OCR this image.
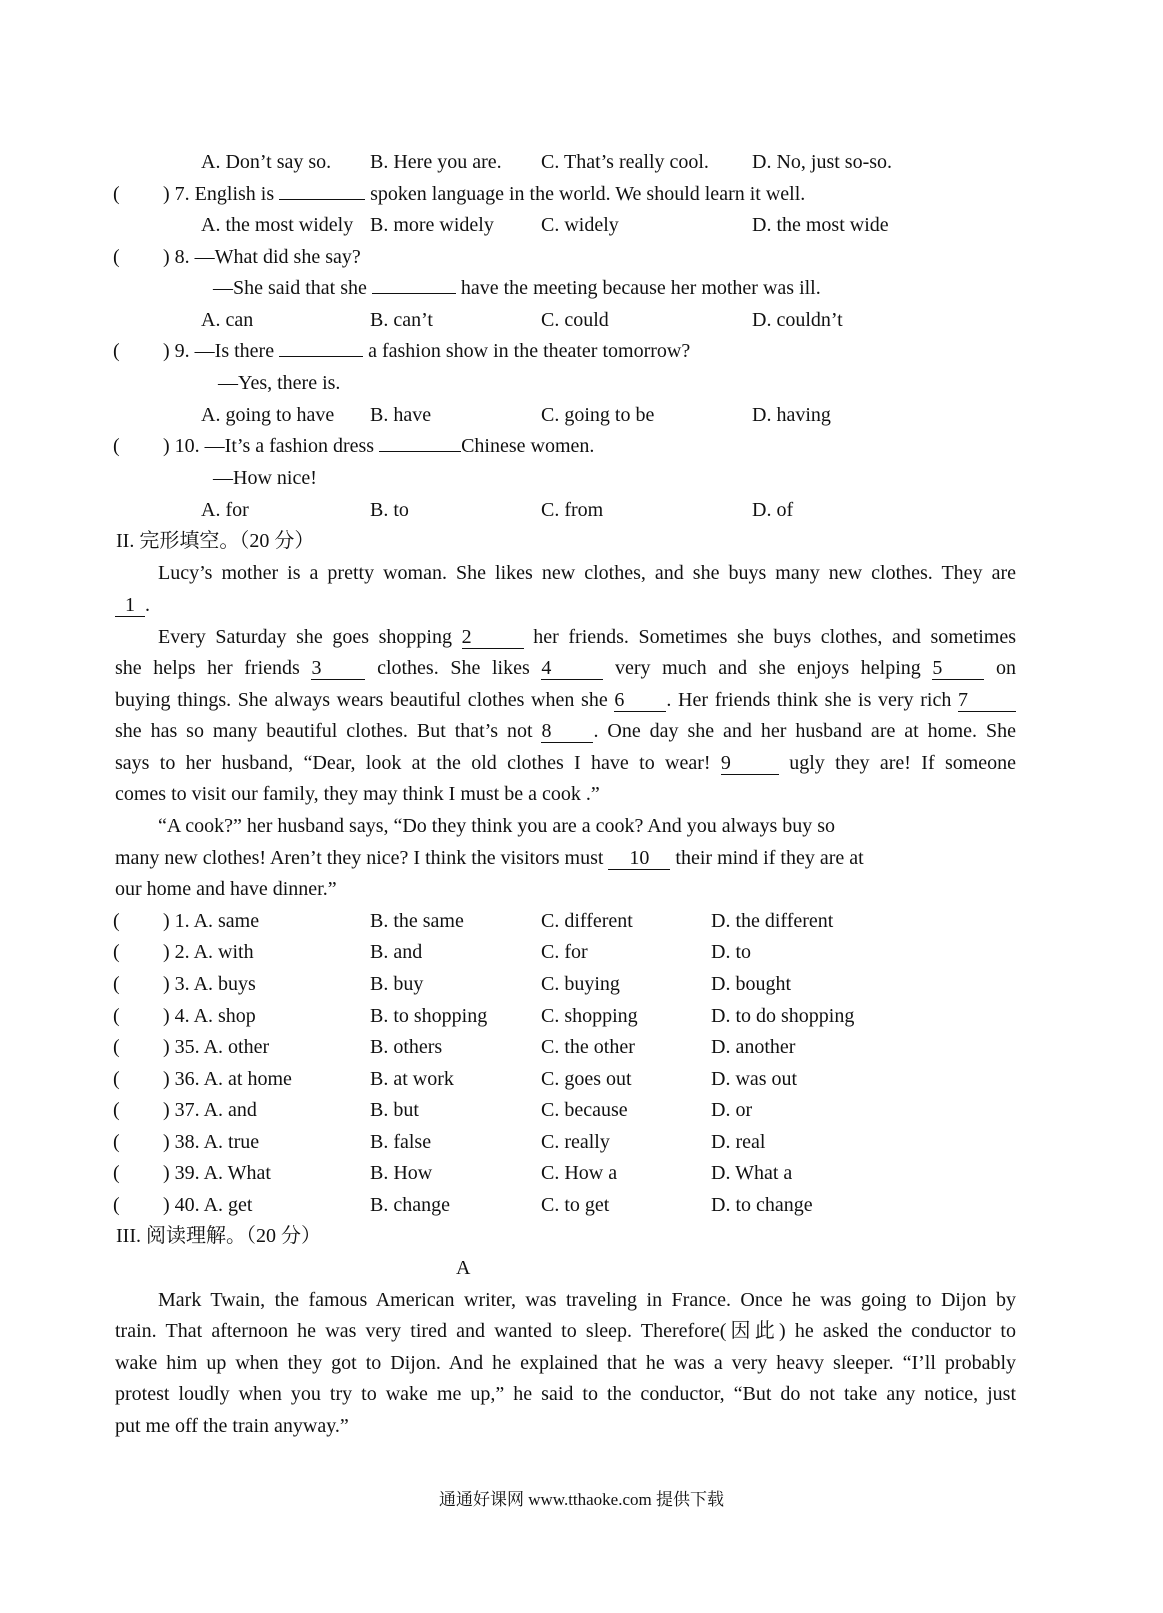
A. Don’t say so. B. Here you are. C. That’s really cool. D. No, just so-so.
( ) 7. English is	spoken language in the world. We should learn it well.
A. the most widely B. more widely C. widely	D. the most wide
( ) 8. —What did she say?
—She said that she	have the meeting because her mother was ill.
A. can	B. can’t	C. could	D. couldn’t
( ) 9. —Is there	a fashion show in the theater tomorrow?
—Yes, there is.
A. going to have B. have	C. going to be	D. having
( ) 10. —It’s a fashion dress	Chinese women.
—How nice!
A. for	B. to	C. from	D. of
II. 完形填空。（20 分）
Lucy’s mother is a pretty woman. She likes new clothes, and she buys many new clothes. They are
1 .
Every Saturday she goes shopping 2	her friends. Sometimes she buys clothes, and sometimes
she helps her friends 3	clothes. She likes 4	very much and she enjoys helping 5	on
buying things. She always wears beautiful clothes when she 6 . Her friends think she is very rich 7
she has so many beautiful clothes. But that’s not 8 . One day she and her husband are at home. She
says to her husband, “Dear, look at the old clothes I have to wear! 9	ugly they are! If someone
comes to visit our family, they may think I must be a cook .”
“A cook?” her husband says, “Do they think you are a cook? And you always buy so
many new clothes! Aren’t they nice? I think the visitors must 10 their mind if they are at
our home and have dinner.”
( ) 1. A. same	B. the same	C. different	D. the different
( ) 2. A. with	B. and	C. for	D. to
( ) 3. A. buys	B. buy	C. buying	D. bought
( ) 4. A. shop	B. to shopping	C. shopping	D. to do shopping
( ) 35. A. other	B. others	C. the other	D. another
( ) 36. A. at home	B. at work	C. goes out	D. was out
( ) 37. A. and	B. but	C. because	D. or
( ) 38. A. true	B. false	C. really	D. real
( ) 39. A. What	B. How	C. How a	D. What a
( ) 40. A. get	B. change	C. to get	D. to change
III. 阅读理解。（20 分）
A
Mark Twain, the famous American writer, was traveling in France. Once he was going to Dijon by
train. That afternoon he was very tired and wanted to sleep. Therefore(因此) he asked the conductor to
wake him up when they got to Dijon. And he explained that he was a very heavy sleeper. “I’ll probably
protest loudly when you try to wake me up,” he said to the conductor, “But do not take any notice, just
put me off the train anyway.”
通通好课网 www.tthaoke.com 提供下载
